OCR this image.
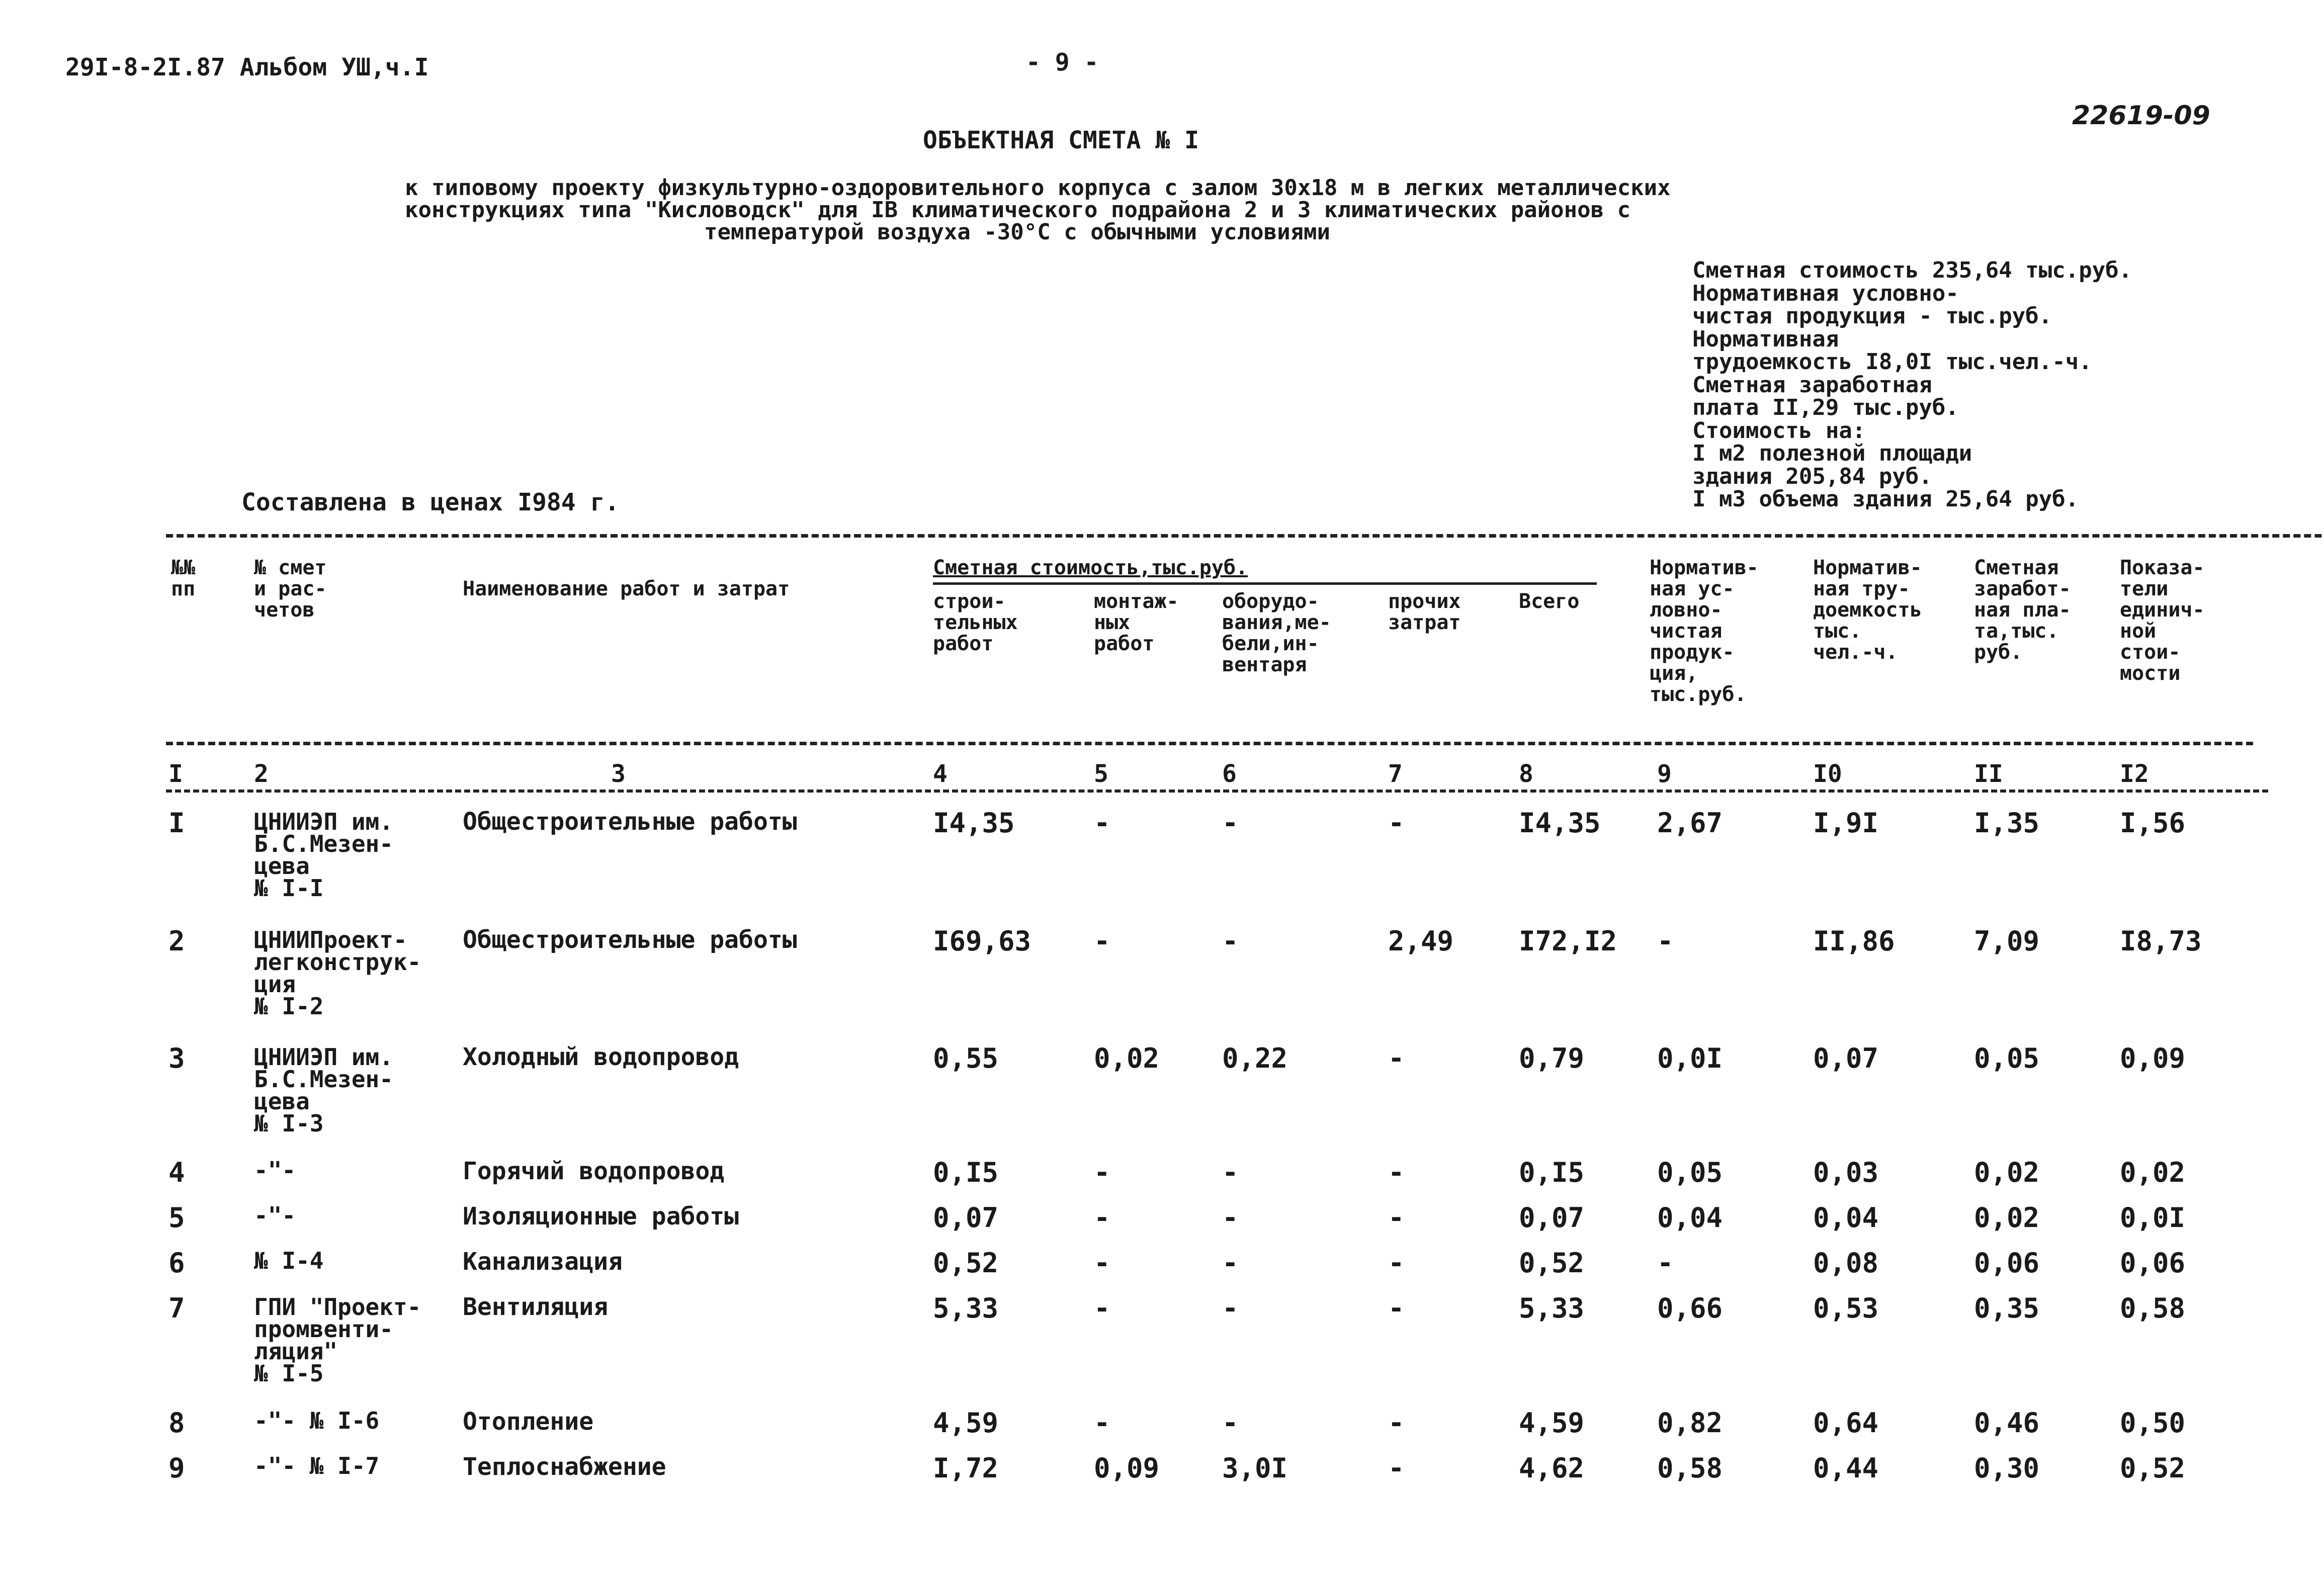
29I-8-2I.87 Альбом УШ,ч.I	- 9 -
22619-09
ОБЪЕКТНАЯ СМЕТА № I
к типовому проекту физкультурно-оздоровительного корпуса с залом 30х18 м в легких металлических
конструкциях типа "Кисловодск" для IB климатического подрайона 2 и 3 климатических районов с
температурой воздуха -30°С с обычными условиями
Сметная стоимость 235,64 тыс.руб.
Нормативная условно-
чистая продукция - тыс.руб.
Нормативная
трудоемкость I8,0I тыс.чел.-ч.
Сметная заработная
плата II,29 тыс.руб.
Стоимость на:
I м2 полезной площади
здания 205,84 руб.
I м3 объема здания 25,64 руб.
Составлена в ценах I984 г.
№№
пп
№ смет
и рас-
четов
Наименование работ и затрат
Сметная стоимость,тыс.руб.
строи-
тельных
работ
монтаж-
ных
работ
оборудо-
вания,ме-
бели,ин-
вентаря
прочих
затрат
Всего
Норматив-
ная ус-
ловно-
чистая
продук-
ция,
тыс.руб.
Норматив-
ная тру-
доемкость
тыс.
чел.-ч.
Сметная
заработ-
ная пла-
та,тыс.
руб.
Показа-
тели
единич-
ной
стои-
мости
I	2	3	4	5	6	7	8	9	I0	II	I2
I	ЦНИИЭП им.
Б.С.Мезен-
цева
№ I-I
Общестроительные работы	I4,35	-	-	-	I4,35 2,67	I,9I	I,35	I,56
2	ЦНИИПроект-
легконструк-
ция
№ I-2
Общестроительные работы	I69,63 -	-	2,49 I72,I2 -	II,86	7,09	I8,73
3	ЦНИИЭП им.
Б.С.Мезен-
цева
№ I-3
Холодный водопровод	0,55	0,02 0,22	-	0,79	0,0I	0,07	0,05	0,09
4	-"-	Горячий водопровод	0,I5	-	-	-	0,I5	0,05	0,03	0,02	0,02
5	-"-	Изоляционные работы	0,07	-	-	-	0,07	0,04	0,04	0,02	0,0I
6	№ I-4	Канализация	0,52	-	-	-	0,52	-	0,08	0,06	0,06
7	ГПИ "Проект-
промвенти-
ляция"
№ I-5
Вентиляция	5,33	-	-	-	5,33	0,66	0,53	0,35	0,58
8	-"- № I-6	Отопление	4,59	-	-	-	4,59	0,82	0,64	0,46	0,50
9	-"- № I-7	Теплоснабжение	I,72	0,09 3,0I	-	4,62	0,58	0,44	0,30	0,52
